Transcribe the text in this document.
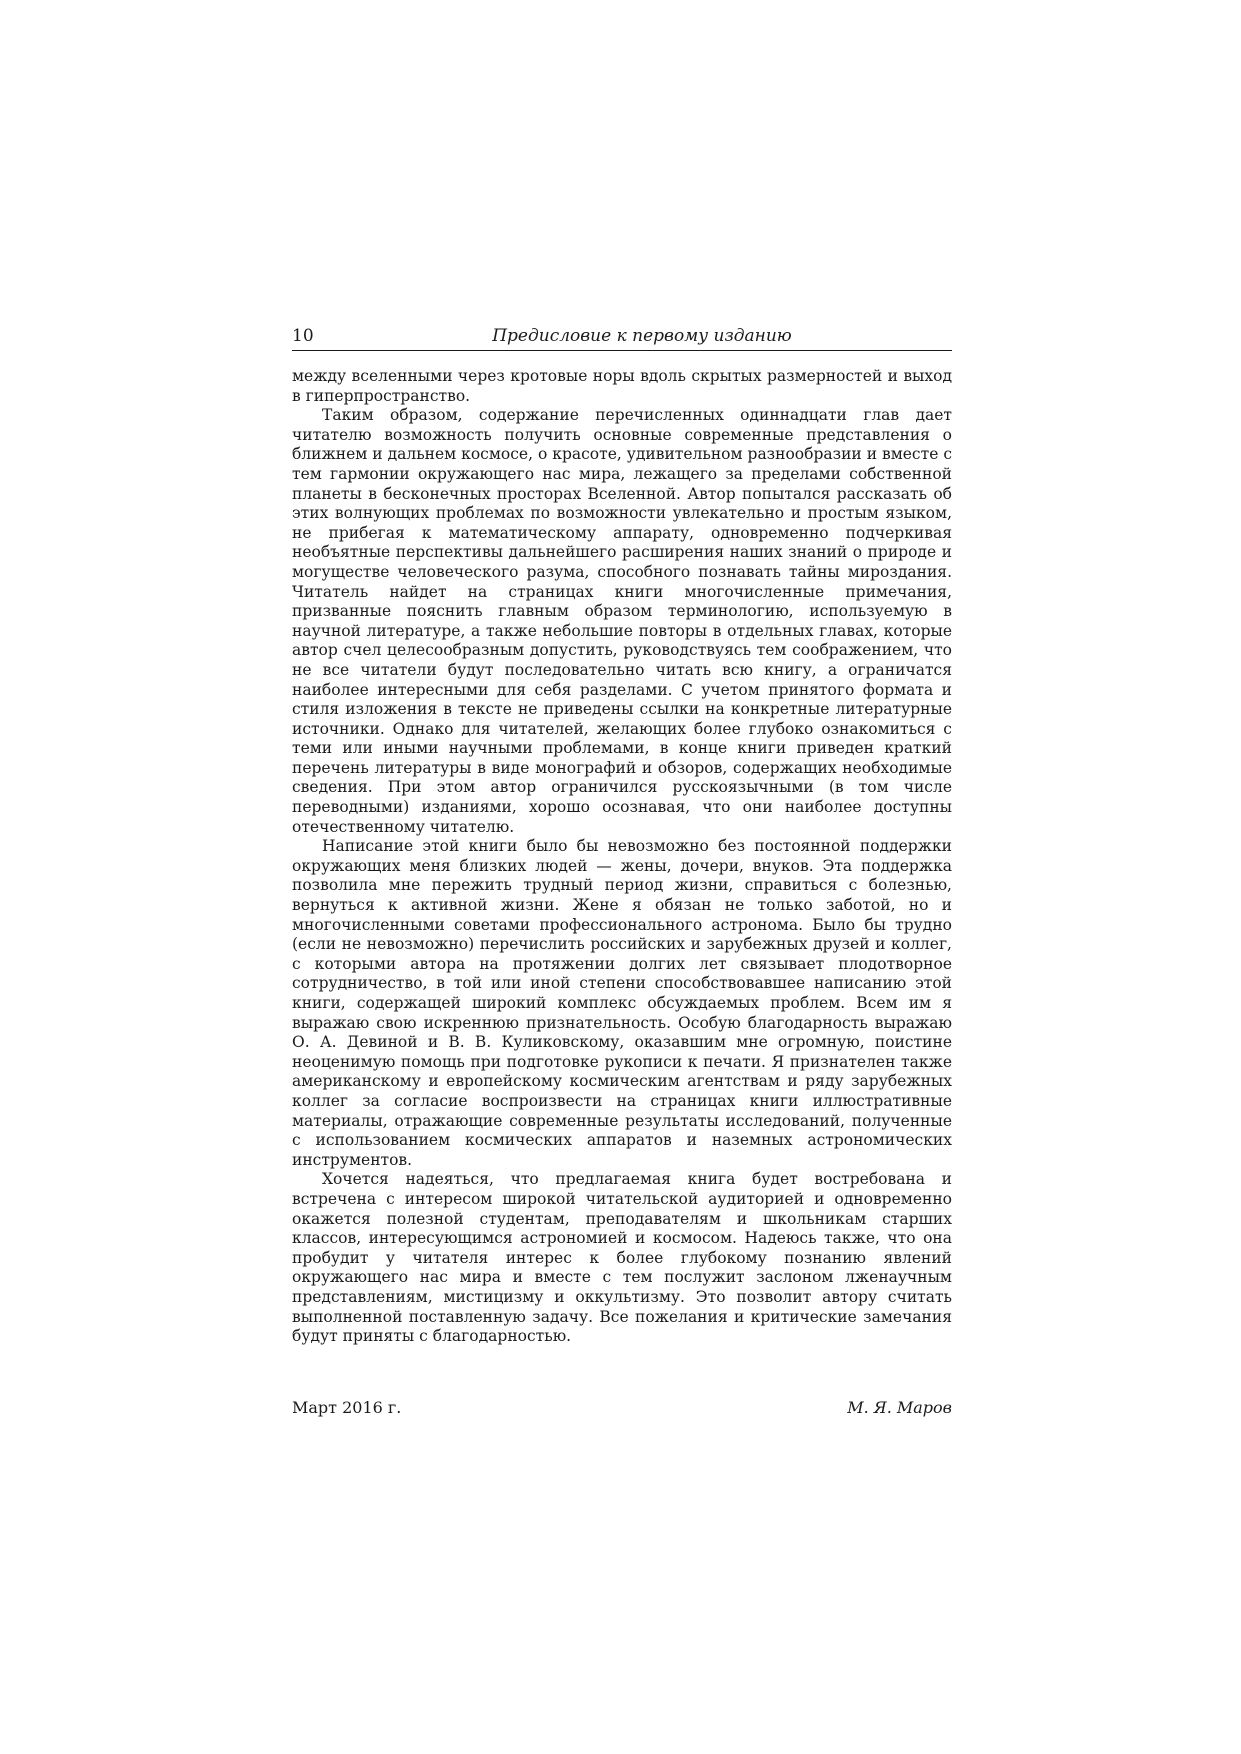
10	Предисловие к первому изданию

между вселенными через кротовые норы вдоль скрытых размерностей и выход в гиперпространство.

Таким образом, содержание перечисленных одиннадцати глав дает читателю возможность получить основные современные представления о ближнем и дальнем космосе, о красоте, удивительном разнообразии и вместе с тем гармонии окружающего нас мира, лежащего за пределами собственной планеты в бесконечных просторах Вселенной. Автор попытался рассказать об этих волнующих проблемах по возможности увлекательно и простым языком, не прибегая к математическому аппарату, одновременно подчеркивая необъятные перспективы дальнейшего расширения наших знаний о природе и могуществе человеческого разума, способного познавать тайны мироздания. Читатель найдет на страницах книги многочисленные примечания, призванные пояснить главным образом терминологию, используемую в научной литературе, а также небольшие повторы в отдельных главах, которые автор счел целесообразным допустить, руководствуясь тем соображением, что не все читатели будут последовательно читать всю книгу, а ограничатся наиболее интересными для себя разделами. С учетом принятого формата и стиля изложения в тексте не приведены ссылки на конкретные литературные источники. Однако для читателей, желающих более глубоко ознакомиться с теми или иными научными проблемами, в конце книги приведен краткий перечень литературы в виде монографий и обзоров, содержащих необходимые сведения. При этом автор ограничился русскоязычными (в том числе переводными) изданиями, хорошо осознавая, что они наиболее доступны отечественному читателю.

Написание этой книги было бы невозможно без постоянной поддержки окружающих меня близких людей — жены, дочери, внуков. Эта поддержка позволила мне пережить трудный период жизни, справиться с болезнью, вернуться к активной жизни. Жене я обязан не только заботой, но и многочисленными советами профессионального астронома. Было бы трудно (если не невозможно) перечислить российских и зарубежных друзей и коллег, с которыми автора на протяжении долгих лет связывает плодотворное сотрудничество, в той или иной степени способствовавшее написанию этой книги, содержащей широкий комплекс обсуждаемых проблем. Всем им я выражаю свою искреннюю признательность. Особую благодарность выражаю О. А. Девиной и В. В. Куликовскому, оказавшим мне огромную, поистине неоценимую помощь при подготовке рукописи к печати. Я признателен также американскому и европейскому космическим агентствам и ряду зарубежных коллег за согласие воспроизвести на страницах книги иллюстративные материалы, отражающие современные результаты исследований, полученные с использованием космических аппаратов и наземных астрономических инструментов.

Хочется надеяться, что предлагаемая книга будет востребована и встречена с интересом широкой читательской аудиторией и одновременно окажется полезной студентам, преподавателям и школьникам старших классов, интересующимся астрономией и космосом. Надеюсь также, что она пробудит у читателя интерес к более глубокому познанию явлений окружающего нас мира и вместе с тем послужит заслоном лженаучным представлениям, мистицизму и оккультизму. Это позволит автору считать выполненной поставленную задачу. Все пожелания и критические замечания будут приняты с благодарностью.

Март 2016 г.	М. Я. Маров
